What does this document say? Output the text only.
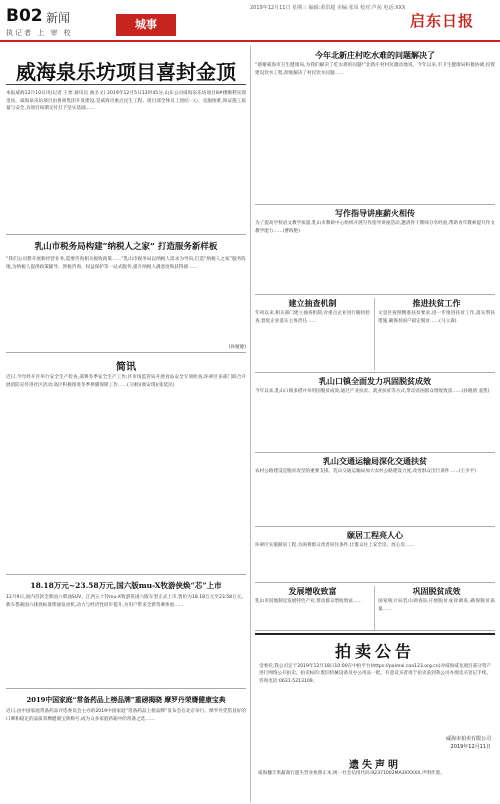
B02 新闻
执记者 上 审 校
城事
2019年12月11日 星期三 编辑:黄洪超 美编:张凤 校对:芦茜 电话:XXX
启东日报
威海泉乐坊项目喜封金顶
本报威海12月10日讯(记者 王寒 通讯员 曲圣文) 2019年12月5日13时45分,山东公司威海泉乐坊项目8#楼顺利实现金顶。威海泉乐坊项目由鲁商集团开发建设,是威海市重点民生工程。项目部全体员工团结一心、克服困难,保证施工质量与安全,为项目如期交付打下坚实基础……
乳山市税务局构建“纳税人之家” 打造服务新样板
“我们公司想开展新经营业务,需要咨询相关税收政策……”乳山市税务局以纳税人需求为导向,打造“纳税人之家”服务阵地,为纳税人提供政策辅导、涉税咨询、权益保护等一站式服务,提升纳税人满意度和获得感……
(孙娅婕)
简讯
近日,今年经开区举行安全生产检查,部署冬季安全生产工作;区市场监管局开展食品安全专项检查;环翠区多部门联合开展消防宣传进社区活动;高区积极推进冬季供暖保障工作……(王刚)(康安琪)(张延民)
18.18万元~23.58万元,国六版mu-X牧游侠焕“芯”上市
12月9日,国内首款全新国六柴油SUV、江西五十铃mu-X牧游侠国六版车型正式上市,售价为18.18万元至23.58万元。新车搭载国六排放标准柴油发动机,动力与经济性同步提升,为用户带来全新驾乘体验……
2019中国家庭“常备药品上榜品牌”重磅揭晓 摩罗丹荣膺健康宝典
近日,由中国家庭常备药品评选委员会主办的2019中国家庭“常备药品上榜品牌”发布会在北京举行。摩罗丹凭借良好的口碑和稳定的品质荣膺健康宝典称号,成为众多家庭药箱中的常备之选……
今年北新庄村吃水难的问题解决了
“感谢威海市卫生健康局,为我们解决了吃水难的问题!”北新庄村村民激动地说。今年以来,市卫生健康局积极协调,投资建设饮水工程,彻底解决了村民饮水问题……
写作指导讲座薪火相传
为了提高学校语文教学质量,乳山市教研中心组织开展写作指导讲座活动,邀请骨干教师分享经验,帮助青年教师提升作文教学能力……(曹海艳)
建立抽查机制
年初以来,相关部门建立抽查机制,对重点企业进行随机检查,督促企业落实主体责任……
推进扶贫工作
文登区按照精准扶贫要求,进一步推进扶贫工作,落实帮扶措施,确保贫困户稳定脱贫……(马立森)
乳山口镇全面发力巩固脱贫成效
今年以来,乳山口镇多措并举巩固脱贫成效,通过产业扶贫、就业扶贫等方式,带动贫困群众增收致富……(孙晓倩 姜凯)
乳山交通运输局深化交通扶贫
农村公路建设是脱贫攻坚的重要支撑。乳山交通运输局加大农村公路建设力度,改善群众出行条件……(王少平)
颐居工程亮人心
环翠区实施颐居工程,为困难群众改善居住条件,让群众住上安全房、放心房……
发展增收致富
乳山市因地制宜发展特色产业,带动群众增收致富……
巩固脱贫成效
国家统计局乳山调查队开展脱贫成效调查,确保脱贫质量……
拍卖公告
受委托,我公司定于2019年12月18日10:00在中拍平台(https://paimai.caa123.org.cn)对威海威龙项目部分资产进行网络公开拍卖。拍卖标的:废旧机械设备及办公用品一批。有意竞买者请于拍卖前到我公司办理竞买登记手续。咨询电话:0631-5213109。
威海市拍卖有限公司
2019年12月11日
遗失声明
威海穗丰果蔬商行遗失营业执照正本,统一社会信用代码:92371002MA3XXXXX,声明作废。
